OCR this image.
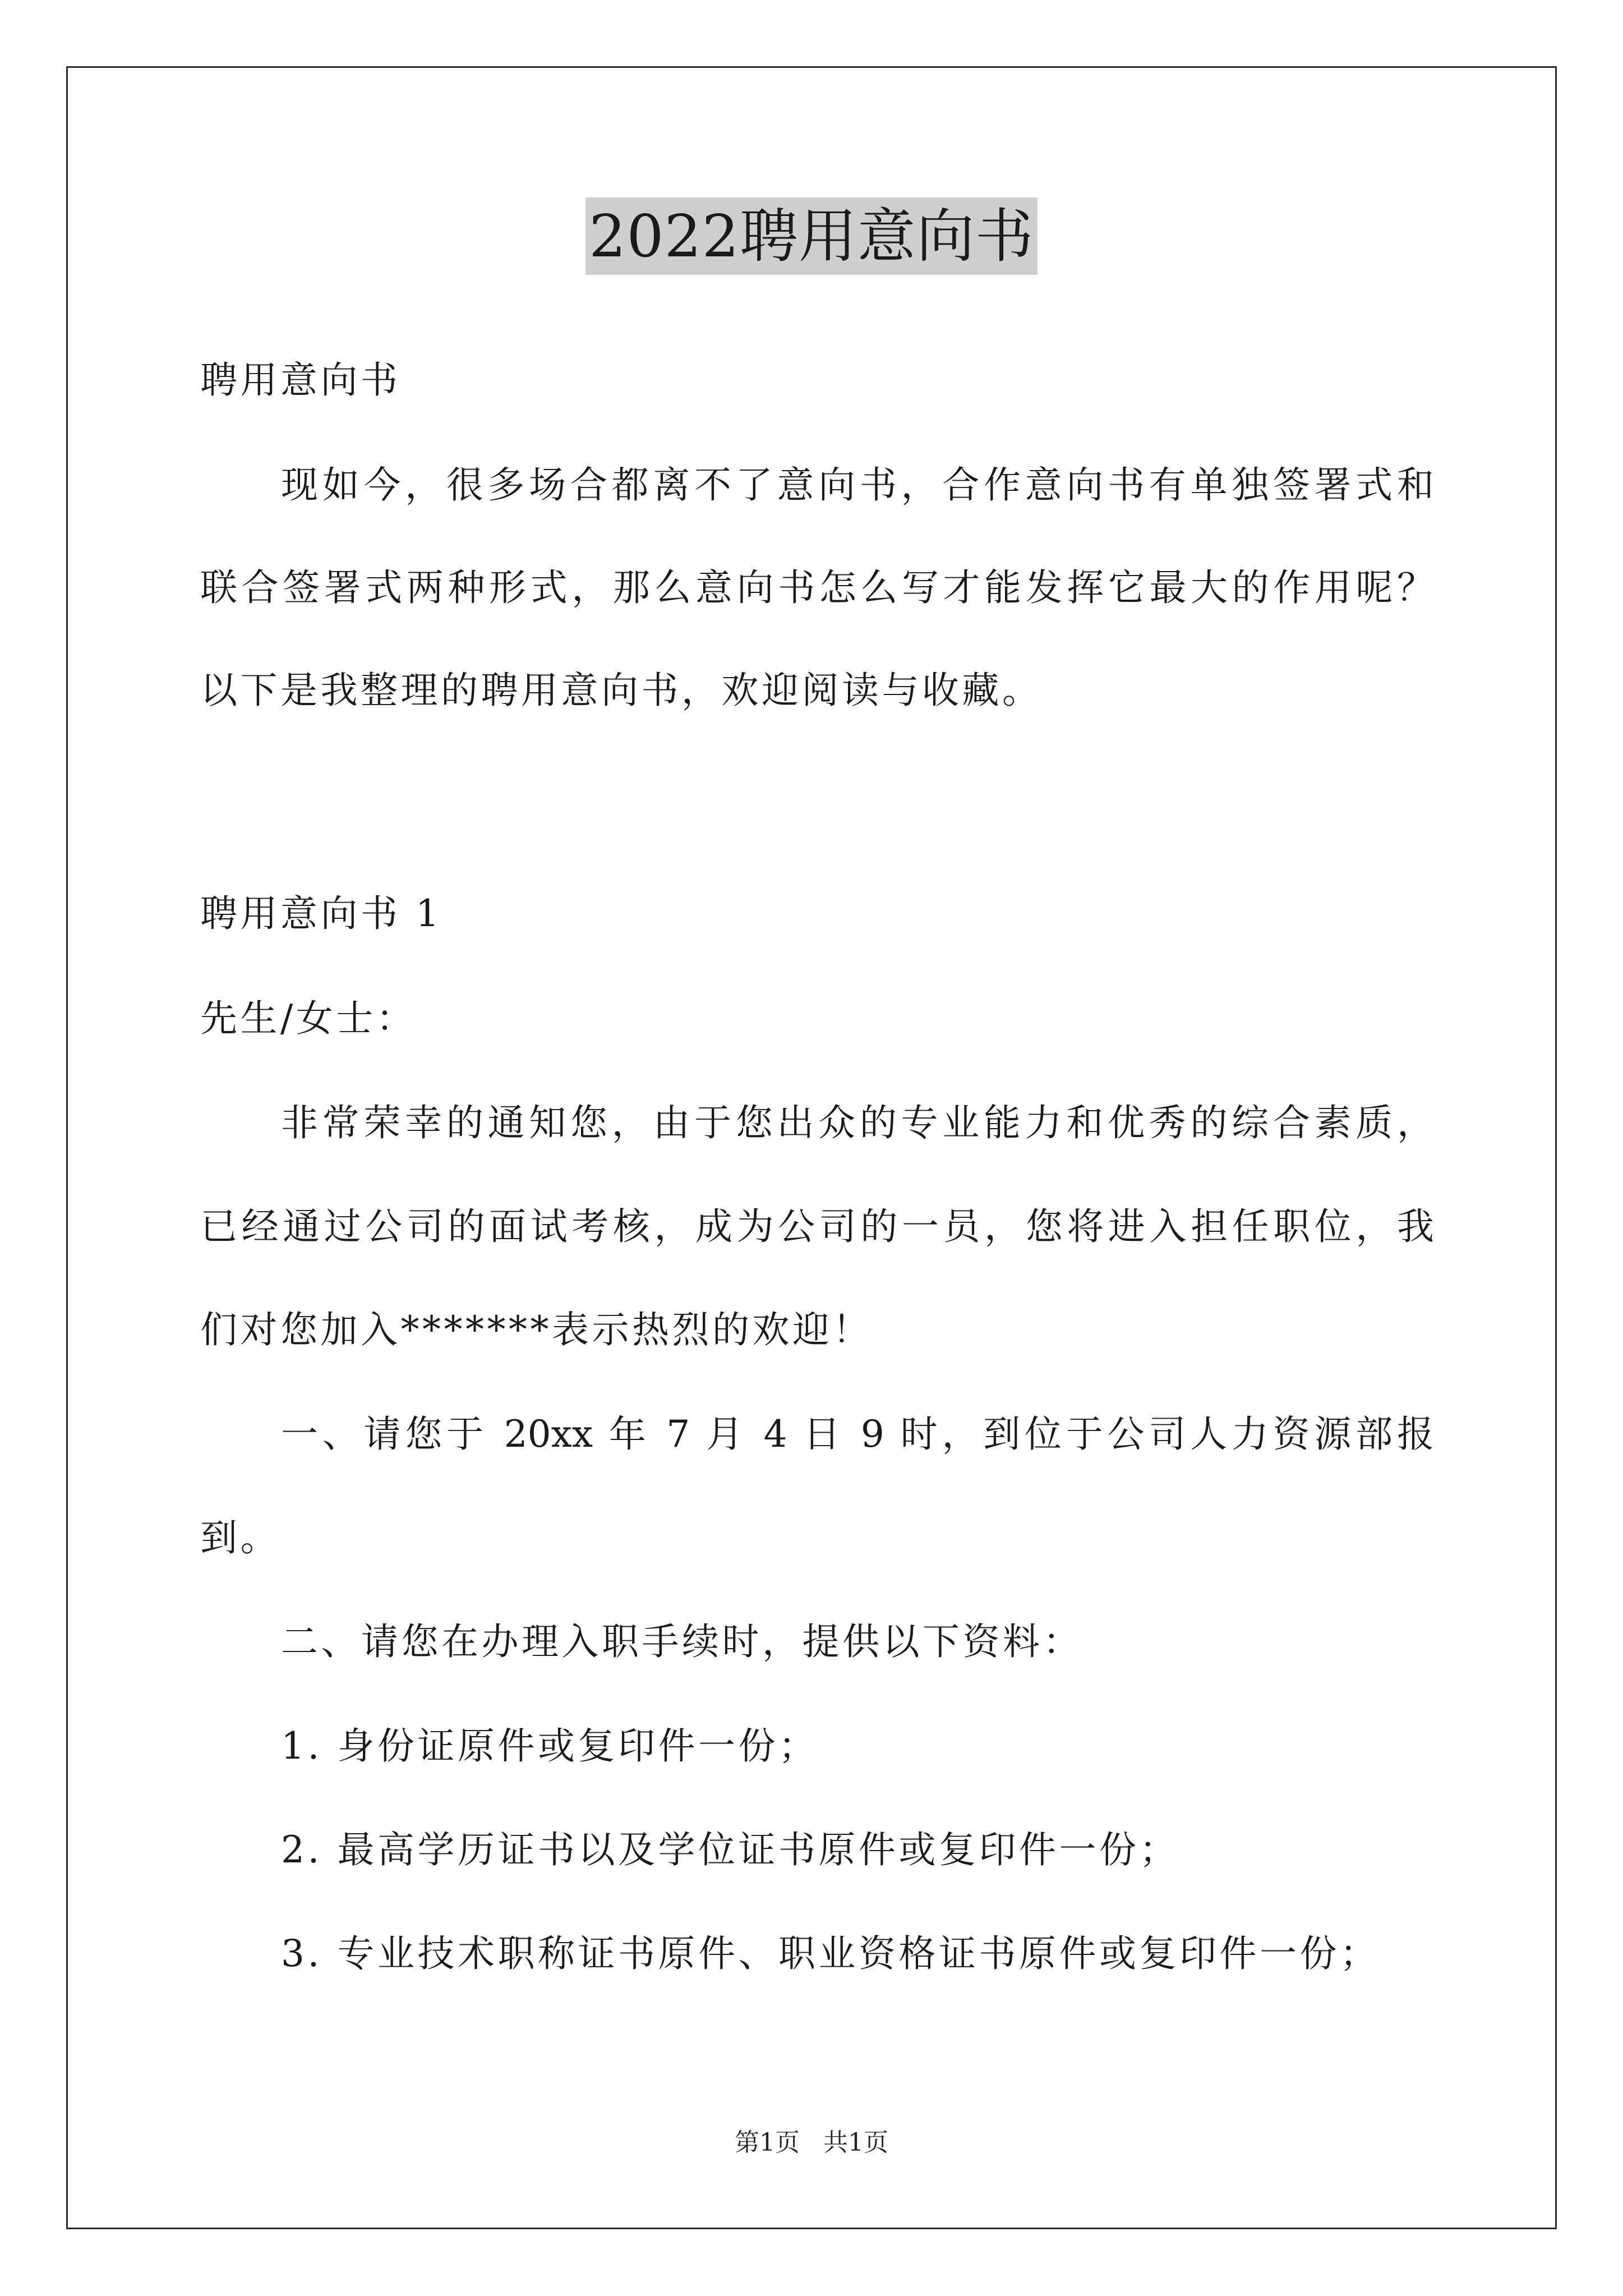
2022聘用意向书
聘用意向书
现如今，很多场合都离不了意向书，合作意向书有单独签署式和
联合签署式两种形式，那么意向书怎么写才能发挥它最大的作用呢？
以下是我整理的聘用意向书，欢迎阅读与收藏。
聘用意向书 1
先生/女士：
非常荣幸的通知您，由于您出众的专业能力和优秀的综合素质，
已经通过公司的面试考核，成为公司的一员，您将进入担任职位，我
们对您加入*******表示热烈的欢迎！
一、请您于 20xx 年 7 月 4 日 9 时，到位于公司人力资源部报
到。
二、请您在办理入职手续时，提供以下资料：
1. 身份证原件或复印件一份；
2. 最高学历证书以及学位证书原件或复印件一份；
3. 专业技术职称证书原件、职业资格证书原件或复印件一份；
第1页 共1页
